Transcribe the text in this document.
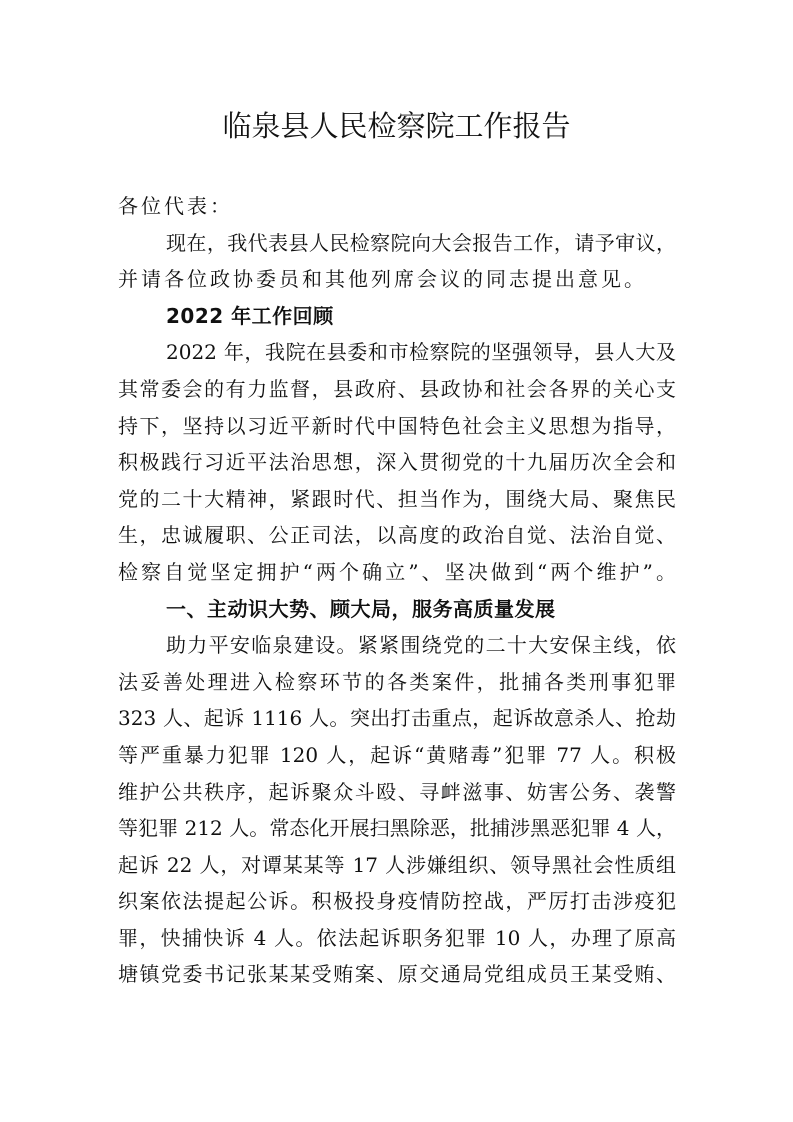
临泉县人民检察院工作报告
各位代表：
现在，我代表县人民检察院向大会报告工作，请予审议，
并请各位政协委员和其他列席会议的同志提出意见。
2022 年工作回顾
2022 年，我院在县委和市检察院的坚强领导，县人大及
其常委会的有力监督，县政府、县政协和社会各界的关心支
持下，坚持以习近平新时代中国特色社会主义思想为指导，
积极践行习近平法治思想，深入贯彻党的十九届历次全会和
党的二十大精神，紧跟时代、担当作为，围绕大局、聚焦民
生，忠诚履职、公正司法，以高度的政治自觉、法治自觉、
检察自觉坚定拥护“两个确立”、坚决做到“两个维护”。
一、主动识大势、顾大局，服务高质量发展
助力平安临泉建设。紧紧围绕党的二十大安保主线，依
法妥善处理进入检察环节的各类案件，批捕各类刑事犯罪
323 人、起诉 1116 人。突出打击重点，起诉故意杀人、抢劫
等严重暴力犯罪 120 人，起诉“黄赌毒”犯罪 77 人。积极
维护公共秩序，起诉聚众斗殴、寻衅滋事、妨害公务、袭警
等犯罪 212 人。常态化开展扫黑除恶，批捕涉黑恶犯罪 4 人，
起诉 22 人，对谭某某等 17 人涉嫌组织、领导黑社会性质组
织案依法提起公诉。积极投身疫情防控战，严厉打击涉疫犯
罪，快捕快诉 4 人。依法起诉职务犯罪 10 人，办理了原高
塘镇党委书记张某某受贿案、原交通局党组成员王某受贿、
